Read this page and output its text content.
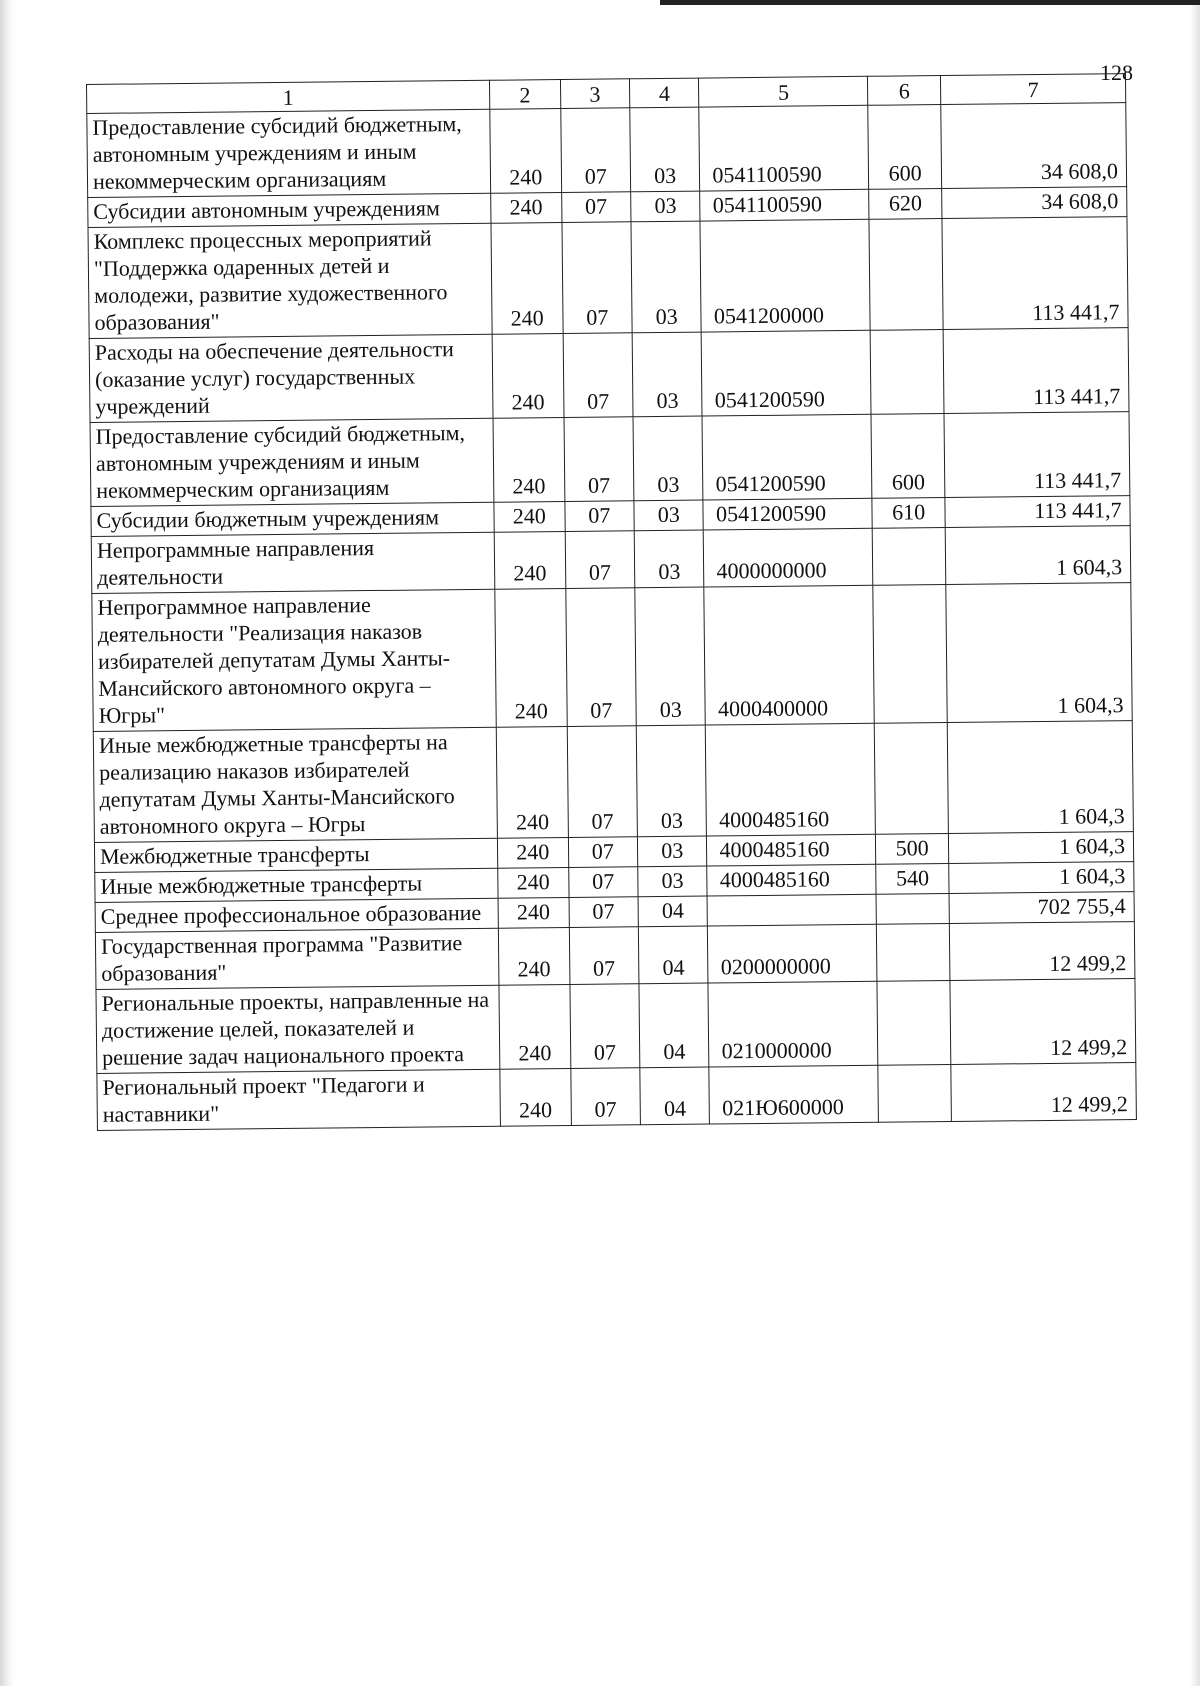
128
1	2	3	4	5	6	7
Предоставление субсидий бюджетным, автономным учреждениям и иным некоммерческим организациям	240	07	03	0541100590	600	34 608,0
Субсидии автономным учреждениям	240	07	03	0541100590	620	34 608,0
Комплекс процессных мероприятий "Поддержка одаренных детей и молодежи, развитие художественного образования"	240	07	03	0541200000		113 441,7
Расходы на обеспечение деятельности (оказание услуг) государственных учреждений	240	07	03	0541200590		113 441,7
Предоставление субсидий бюджетным, автономным учреждениям и иным некоммерческим организациям	240	07	03	0541200590	600	113 441,7
Субсидии бюджетным учреждениям	240	07	03	0541200590	610	113 441,7
Непрограммные направления деятельности	240	07	03	4000000000		1 604,3
Непрограммное направление деятельности "Реализация наказов избирателей депутатам Думы Ханты-Мансийского автономного округа – Югры"	240	07	03	4000400000		1 604,3
Иные межбюджетные трансферты на реализацию наказов избирателей депутатам Думы Ханты-Мансийского автономного округа – Югры	240	07	03	4000485160		1 604,3
Межбюджетные трансферты	240	07	03	4000485160	500	1 604,3
Иные межбюджетные трансферты	240	07	03	4000485160	540	1 604,3
Среднее профессиональное образование	240	07	04			702 755,4
Государственная программа "Развитие образования"	240	07	04	0200000000		12 499,2
Региональные проекты, направленные на достижение целей, показателей и решение задач национального проекта	240	07	04	0210000000		12 499,2
Региональный проект "Педагоги и наставники"	240	07	04	021Ю600000		12 499,2
